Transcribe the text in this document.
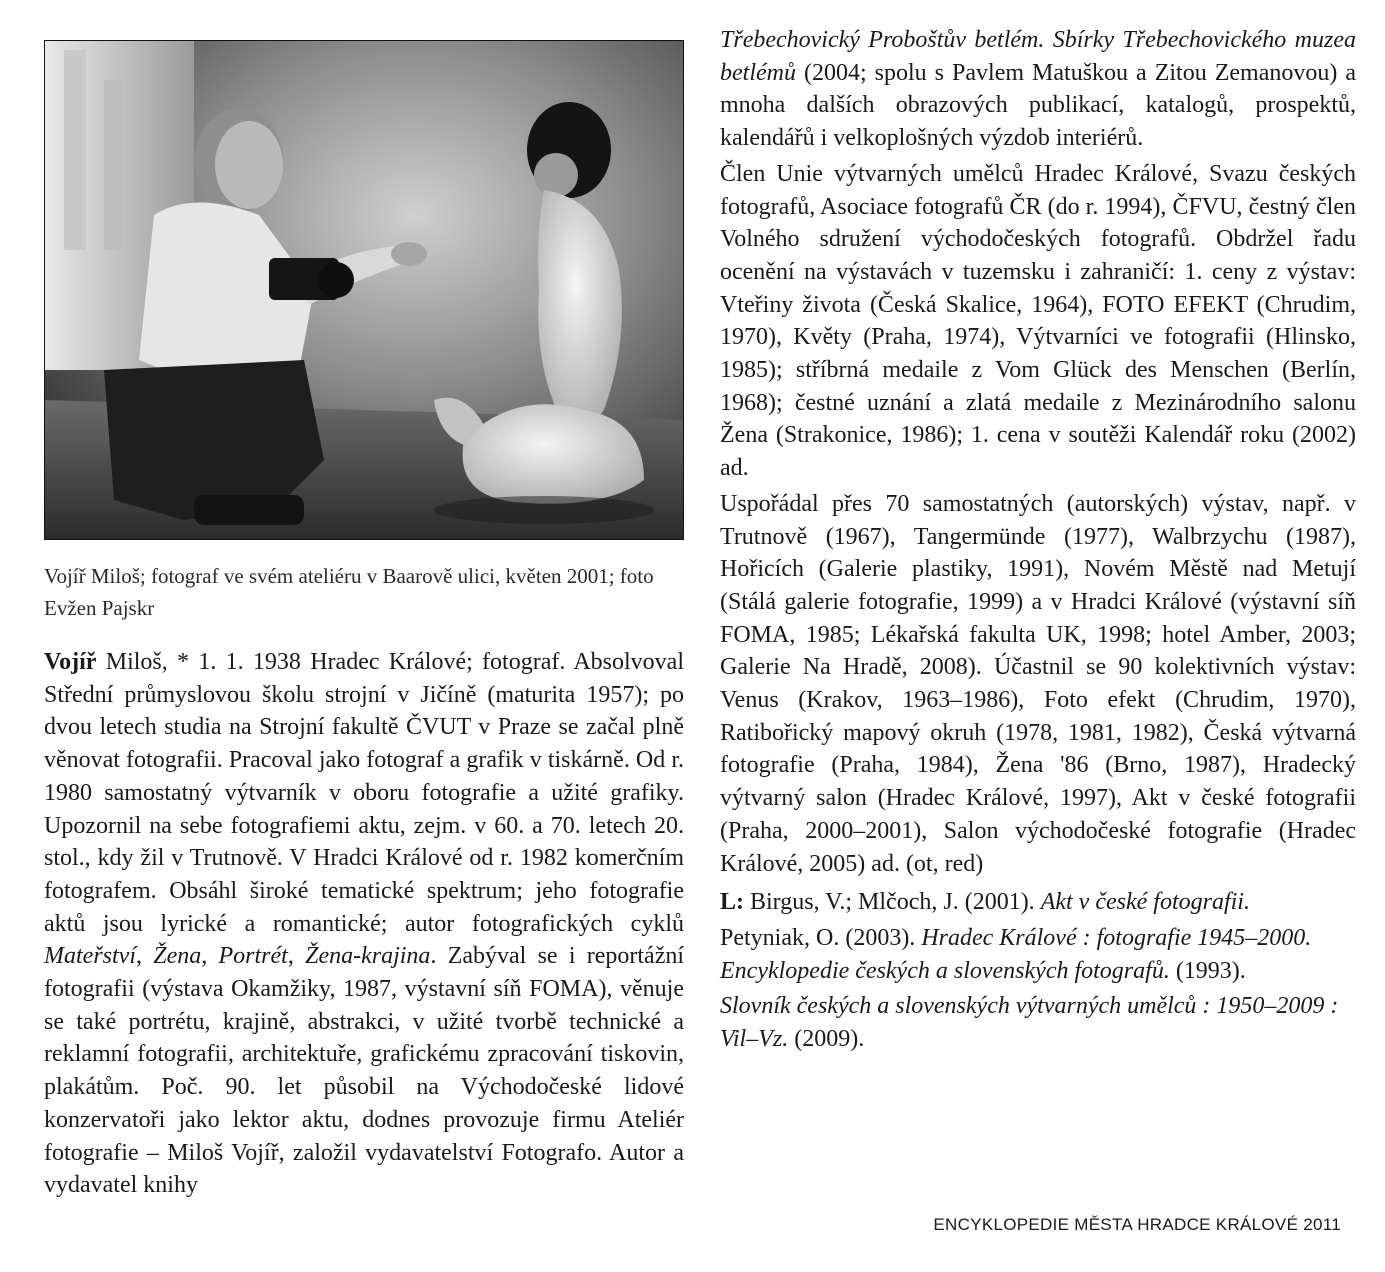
Vojíř Miloš; fotograf ve svém ateliéru v Baarově ulici, květen 2001; foto Evžen Pajskr

Vojíř Miloš, * 1. 1. 1938 Hradec Králové; fotograf. Absolvoval Střední průmyslovou školu strojní v Jičíně (maturita 1957); po dvou letech studia na Strojní fakultě ČVUT v Praze se začal plně věnovat fotografii. Pracoval jako fotograf a grafik v tiskárně. Od r. 1980 samostatný výtvarník v oboru fotografie a užité grafiky. Upozornil na sebe fotografiemi aktu, zejm. v 60. a 70. letech 20. stol., kdy žil v Trutnově. V Hradci Králové od r. 1982 komerčním fotografem. Obsáhl široké tematické spektrum; jeho fotografie aktů jsou lyrické a romantické; autor fotografických cyklů Mateřství, Žena, Portrét, Žena-krajina. Zabýval se i reportážní fotografii (výstava Okamžiky, 1987, výstavní síň FOMA), věnuje se také portrétu, krajině, abstrakci, v užité tvorbě technické a reklamní fotografii, architektuře, grafickému zpracování tiskovin, plakátům. Poč. 90. let působil na Východočeské lidové konzervatoři jako lektor aktu, dodnes provozuje firmu Ateliér fotografie – Miloš Vojíř, založil vydavatelství Fotografo. Autor a vydavatel knihy

Třebechovický Proboštův betlém. Sbírky Třebechovického muzea betlémů (2004; spolu s Pavlem Matuškou a Zitou Zemanovou) a mnoha dalších obrazových publikací, katalogů, prospektů, kalendářů i velkoplošných výzdob interiérů.

Člen Unie výtvarných umělců Hradec Králové, Svazu českých fotografů, Asociace fotografů ČR (do r. 1994), ČFVU, čestný člen Volného sdružení východočeských fotografů. Obdržel řadu ocenění na výstavách v tuzemsku i zahraničí: 1. ceny z výstav: Vteřiny života (Česká Skalice, 1964), FOTO EFEKT (Chrudim, 1970), Květy (Praha, 1974), Výtvarníci ve fotografii (Hlinsko, 1985); stříbrná medaile z Vom Glück des Menschen (Berlín, 1968); čestné uznání a zlatá medaile z Mezinárodního salonu Žena (Strakonice, 1986); 1. cena v soutěži Kalendář roku (2002) ad.

Uspořádal přes 70 samostatných (autorských) výstav, např. v Trutnově (1967), Tangermünde (1977), Walbrzychu (1987), Hořicích (Galerie plastiky, 1991), Novém Městě nad Metují (Stálá galerie fotografie, 1999) a v Hradci Králové (výstavní síň FOMA, 1985; Lékařská fakulta UK, 1998; hotel Amber, 2003; Galerie Na Hradě, 2008). Účastnil se 90 kolektivních výstav: Venus (Krakov, 1963–1986), Foto efekt (Chrudim, 1970), Ratibořický mapový okruh (1978, 1981, 1982), Česká výtvarná fotografie (Praha, 1984), Žena '86 (Brno, 1987), Hradecký výtvarný salon (Hradec Králové, 1997), Akt v české fotografii (Praha, 2000–2001), Salon východočeské fotografie (Hradec Králové, 2005) ad. (ot, red)

L: Birgus, V.; Mlčoch, J. (2001). Akt v české fotografii.

Petyniak, O. (2003). Hradec Králové : fotografie 1945–2000.
Encyklopedie českých a slovenských fotografů. (1993).

Slovník českých a slovenských výtvarných umělců : 1950–2009 : Vil–Vz. (2009).

ENCYKLOPEDIE MĚSTA HRADCE KRÁLOVÉ 2011
